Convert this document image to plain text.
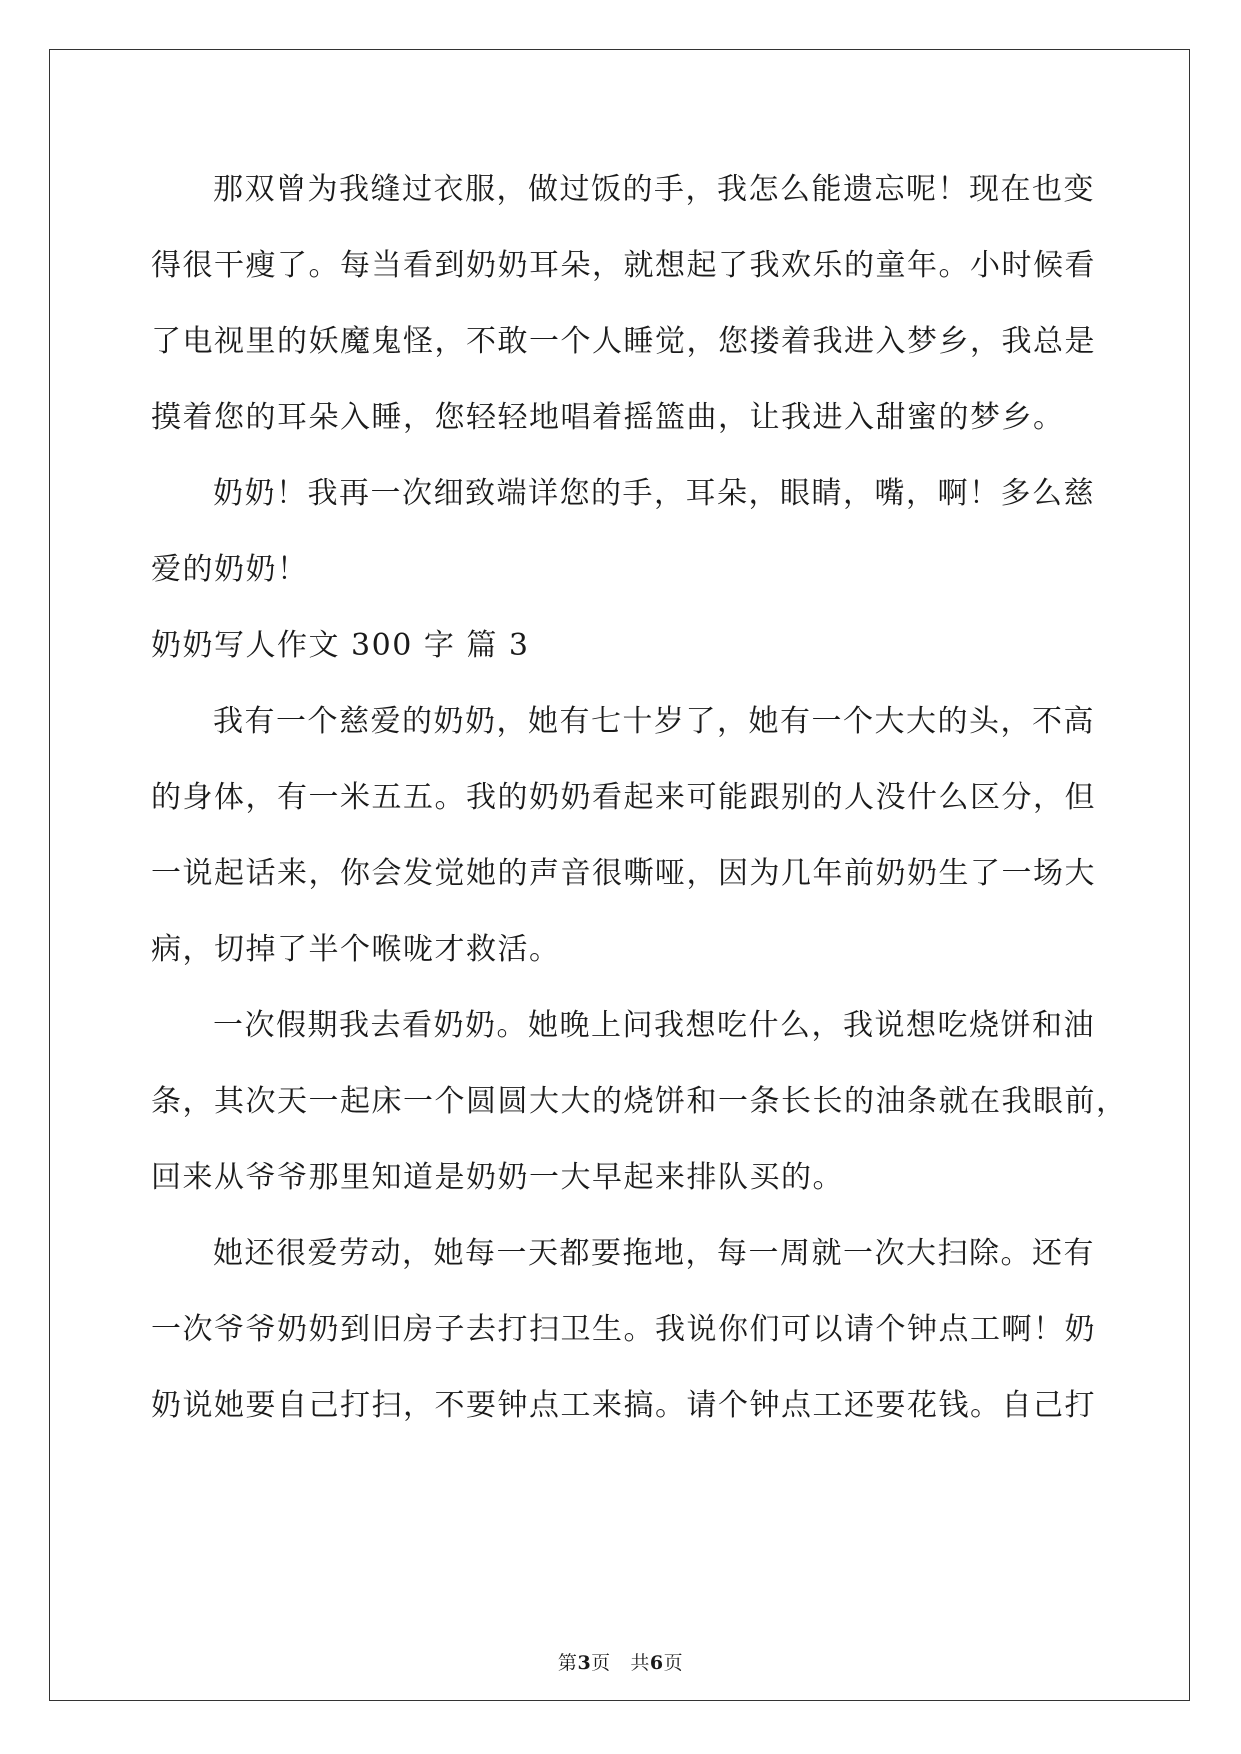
那双曾为我缝过衣服，做过饭的手，我怎么能遗忘呢！现在也变
得很干瘦了。每当看到奶奶耳朵，就想起了我欢乐的童年。小时候看
了电视里的妖魔鬼怪，不敢一个人睡觉，您搂着我进入梦乡，我总是
摸着您的耳朵入睡，您轻轻地唱着摇篮曲，让我进入甜蜜的梦乡。
奶奶！我再一次细致端详您的手，耳朵，眼睛，嘴，啊！多么慈
爱的奶奶！
奶奶写人作文 300 字 篇 3
我有一个慈爱的奶奶，她有七十岁了，她有一个大大的头，不高
的身体，有一米五五。我的奶奶看起来可能跟别的人没什么区分，但
一说起话来，你会发觉她的声音很嘶哑，因为几年前奶奶生了一场大
病，切掉了半个喉咙才救活。
一次假期我去看奶奶。她晚上问我想吃什么，我说想吃烧饼和油
条，其次天一起床一个圆圆大大的烧饼和一条长长的油条就在我眼前，
回来从爷爷那里知道是奶奶一大早起来排队买的。
她还很爱劳动，她每一天都要拖地，每一周就一次大扫除。还有
一次爷爷奶奶到旧房子去打扫卫生。我说你们可以请个钟点工啊！奶
奶说她要自己打扫，不要钟点工来搞。请个钟点工还要花钱。自己打
第3页 共6页
